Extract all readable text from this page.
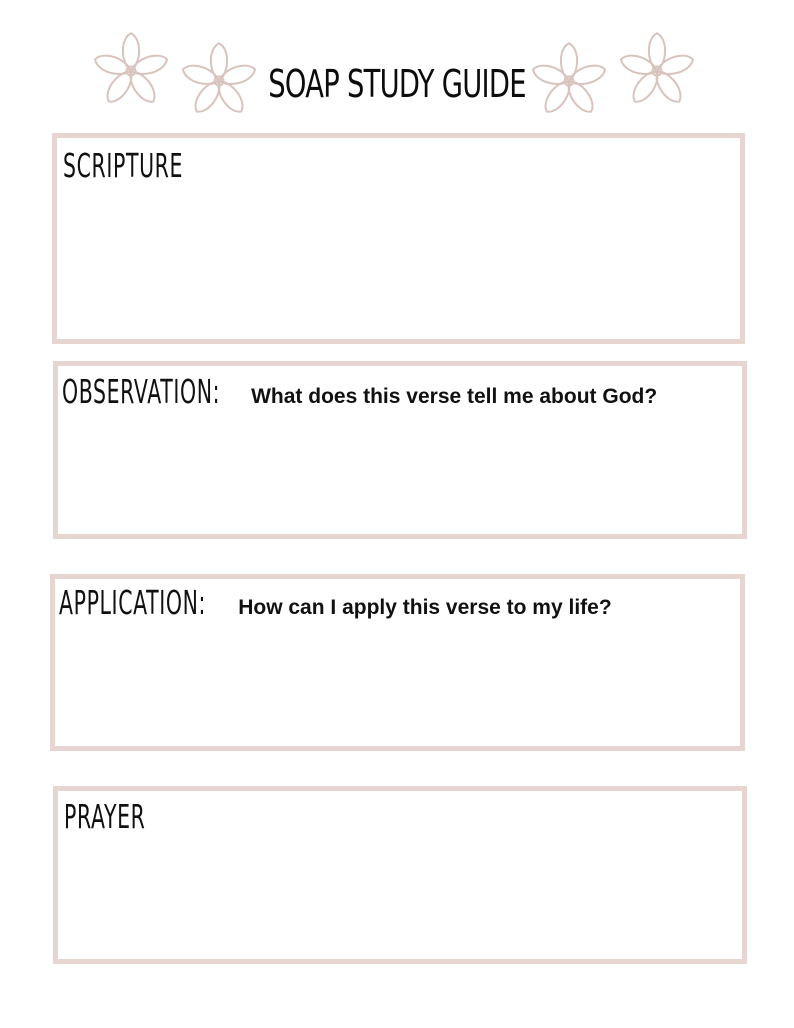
SOAP STUDY GUIDE
SCRIPTURE
OBSERVATION: What does this verse tell me about God?
APPLICATION: How can I apply this verse to my life?
PRAYER
